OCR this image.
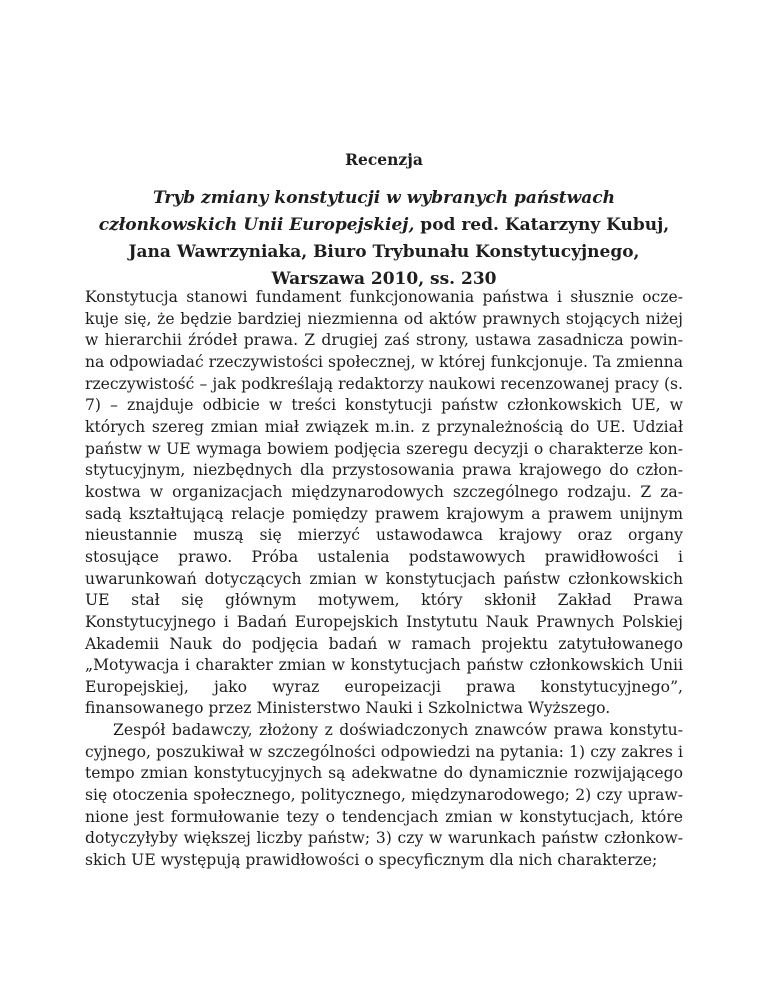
Recenzja
Tryb zmiany konstytucji w wybranych państwach członkowskich Unii Europejskiej, pod red. Katarzyny Kubuj, Jana Wawrzyniaka, Biuro Trybunału Konstytucyjnego, Warszawa 2010, ss. 230

Konstytucja stanowi fundament funkcjonowania państwa i słusznie oczekuje się, że będzie bardziej niezmienna od aktów prawnych stojących niżej w hierarchii źródeł prawa. Z drugiej zaś strony, ustawa zasadnicza powinna odpowiadać rzeczywistości społecznej, w której funkcjonuje. Ta zmienna rzeczywistość – jak podkreślają redaktorzy naukowi recenzowanej pracy (s. 7) – znajduje odbicie w treści konstytucji państw członkowskich UE, w których szereg zmian miał związek m.in. z przynależnością do UE. Udział państw w UE wymaga bowiem podjęcia szeregu decyzji o charakterze konstytucyjnym, niezbędnych dla przystosowania prawa krajowego do członkostwa w organizacjach międzynarodowych szczególnego rodzaju. Z zasadą kształtującą relacje pomiędzy prawem krajowym a prawem unijnym nieustannie muszą się mierzyć ustawodawca krajowy oraz organy stosujące prawo. Próba ustalenia podstawowych prawidłowości i uwarunkowań dotyczących zmian w konstytucjach państw członkowskich UE stał się głównym motywem, który skłonił Zakład Prawa Konstytucyjnego i Badań Europejskich Instytutu Nauk Prawnych Polskiej Akademii Nauk do podjęcia badań w ramach projektu zatytułowanego „Motywacja i charakter zmian w konstytucjach państw członkowskich Unii Europejskiej, jako wyraz europeizacji prawa konstytucyjnego”, finansowanego przez Ministerstwo Nauki i Szkolnictwa Wyższego.

Zespół badawczy, złożony z doświadczonych znawców prawa konstytucyjnego, poszukiwał w szczególności odpowiedzi na pytania: 1) czy zakres i tempo zmian konstytucyjnych są adekwatne do dynamicznie rozwijającego się otoczenia społecznego, politycznego, międzynarodowego; 2) czy uprawnione jest formułowanie tezy o tendencjach zmian w konstytucjach, które dotyczyłyby większej liczby państw; 3) czy w warunkach państw członkowskich UE występują prawidłowości o specyficznym dla nich charakterze;
